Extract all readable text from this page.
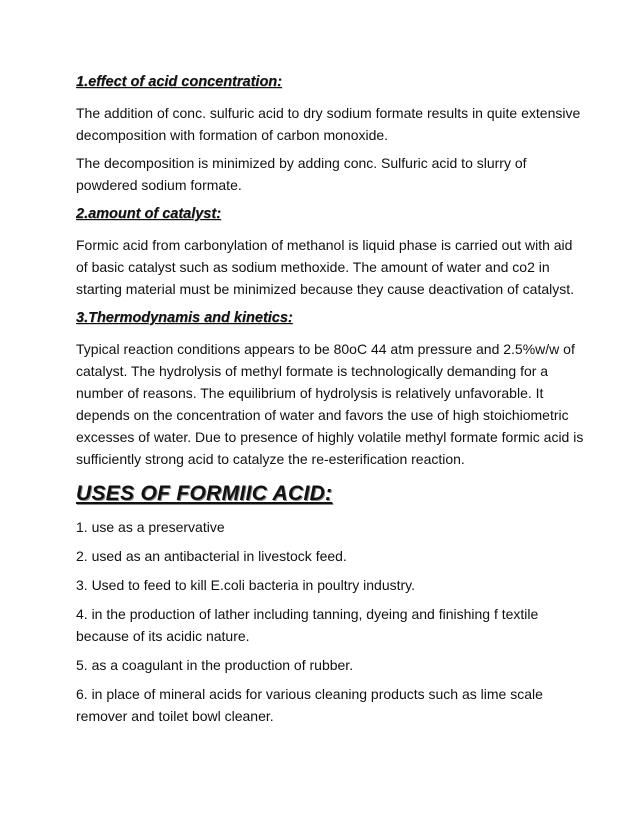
1.effect of acid concentration:
The addition of conc. sulfuric acid to dry sodium formate results in quite extensive
decomposition with formation of carbon monoxide.
The decomposition is minimized by adding conc. Sulfuric acid to slurry of
powdered sodium formate.
2.amount of catalyst:
Formic acid from carbonylation of methanol is liquid phase is carried out with aid
of basic catalyst such as sodium methoxide. The amount of water and co2 in
starting material must be minimized because they cause deactivation of catalyst.
3.Thermodynamis and kinetics:
Typical reaction conditions appears to be 80oC 44 atm pressure and 2.5%w/w of
catalyst. The hydrolysis of methyl formate is technologically demanding for a
number of reasons. The equilibrium of hydrolysis is relatively unfavorable. It
depends on the concentration of water and favors the use of high stoichiometric
excesses of water. Due to presence of highly volatile methyl formate formic acid is
sufficiently strong acid to catalyze the re-esterification reaction.
USES OF FORMIIC ACID:
1. use as a preservative
2. used as an antibacterial in livestock feed.
3. Used to feed to kill E.coli bacteria in poultry industry.
4. in the production of lather including tanning, dyeing and finishing f textile
because of its acidic nature.
5. as a coagulant in the production of rubber.
6. in place of mineral acids for various cleaning products such as lime scale
remover and toilet bowl cleaner.
